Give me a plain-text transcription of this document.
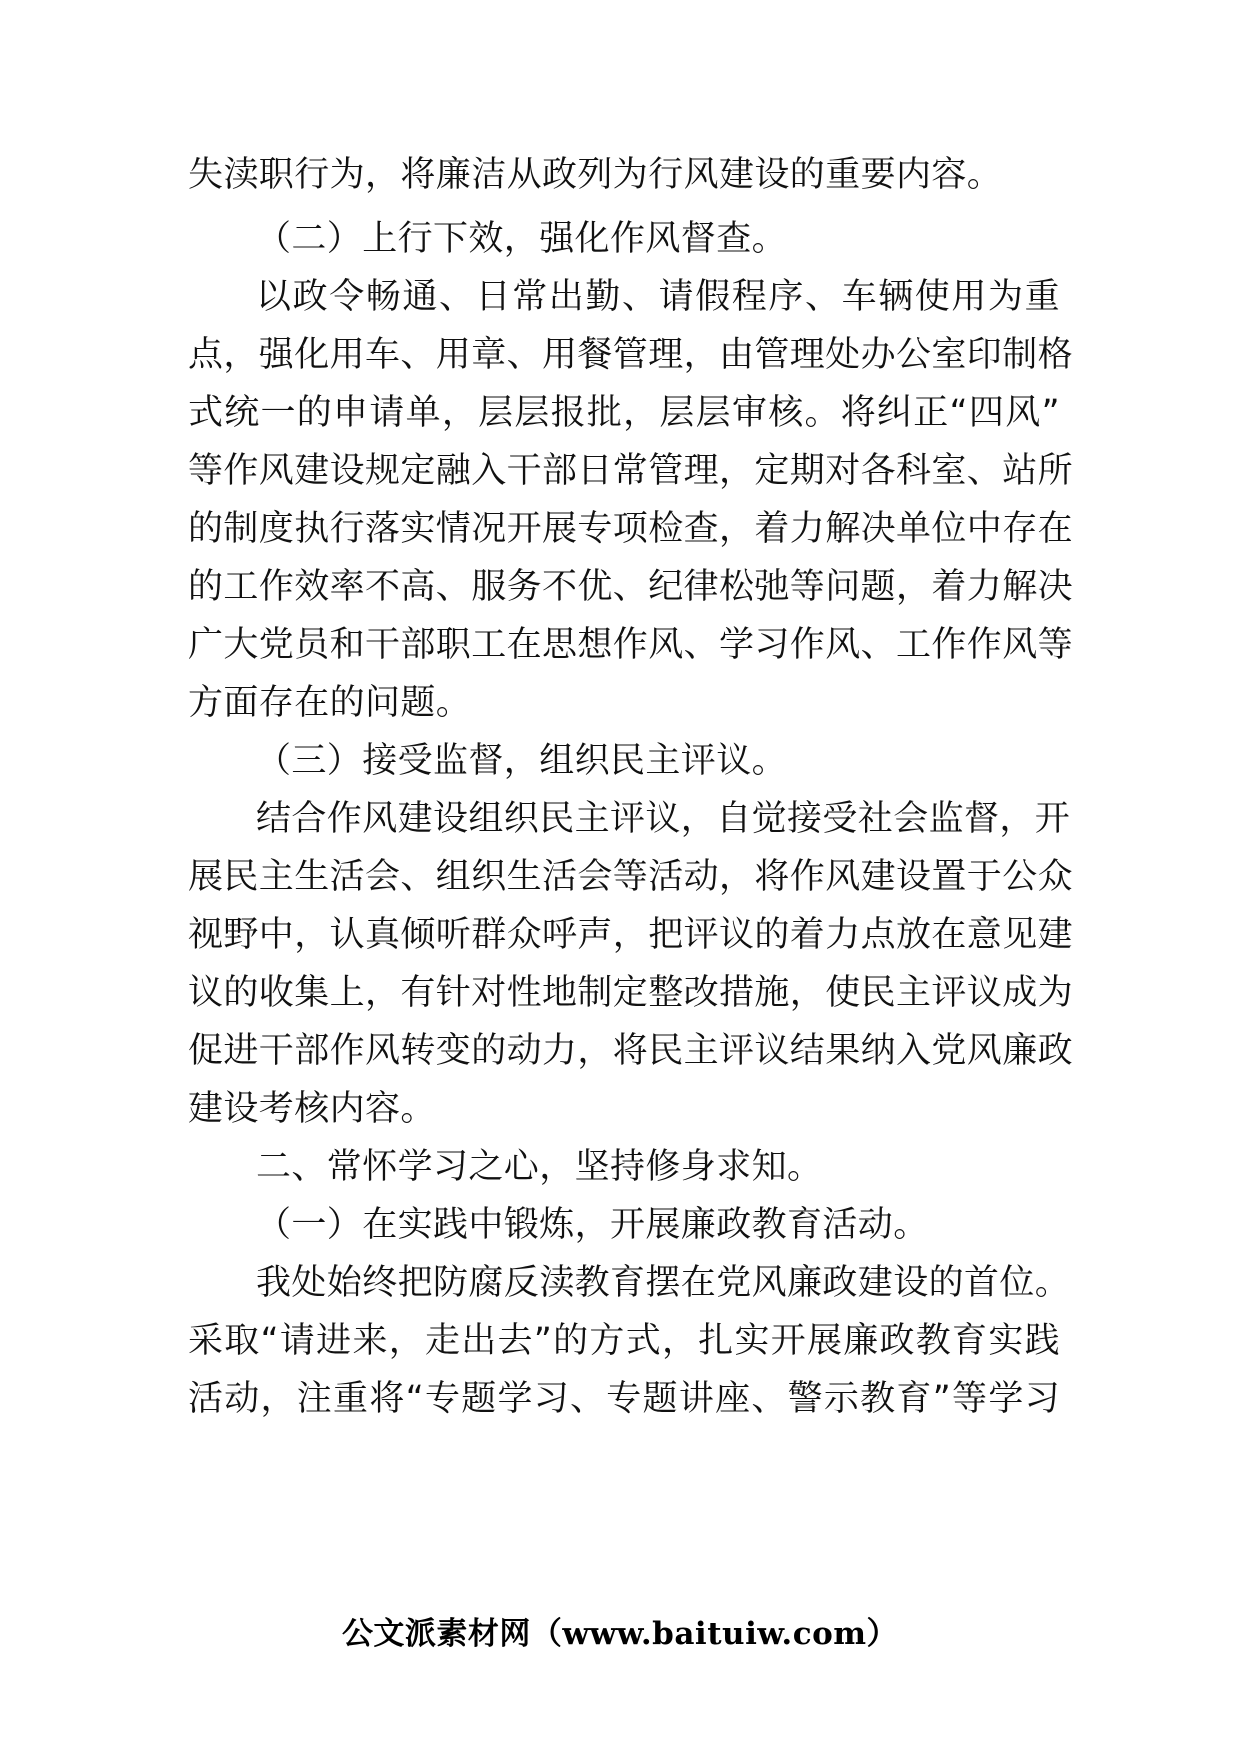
失渎职行为，将廉洁从政列为行风建设的重要内容。
（二）上行下效，强化作风督查。
以政令畅通、日常出勤、请假程序、车辆使用为重
点，强化用车、用章、用餐管理，由管理处办公室印制格
式统一的申请单，层层报批，层层审核。将纠正“四风”
等作风建设规定融入干部日常管理，定期对各科室、站所
的制度执行落实情况开展专项检查，着力解决单位中存在
的工作效率不高、服务不优、纪律松弛等问题，着力解决
广大党员和干部职工在思想作风、学习作风、工作作风等
方面存在的问题。
（三）接受监督，组织民主评议。
结合作风建设组织民主评议，自觉接受社会监督，开
展民主生活会、组织生活会等活动，将作风建设置于公众
视野中，认真倾听群众呼声，把评议的着力点放在意见建
议的收集上，有针对性地制定整改措施，使民主评议成为
促进干部作风转变的动力，将民主评议结果纳入党风廉政
建设考核内容。
二、常怀学习之心，坚持修身求知。
（一）在实践中锻炼，开展廉政教育活动。
我处始终把防腐反渎教育摆在党风廉政建设的首位。
采取“请进来，走出去”的方式，扎实开展廉政教育实践
活动，注重将“专题学习、专题讲座、警示教育”等学习
公文派素材网（www.baituiw.com）
